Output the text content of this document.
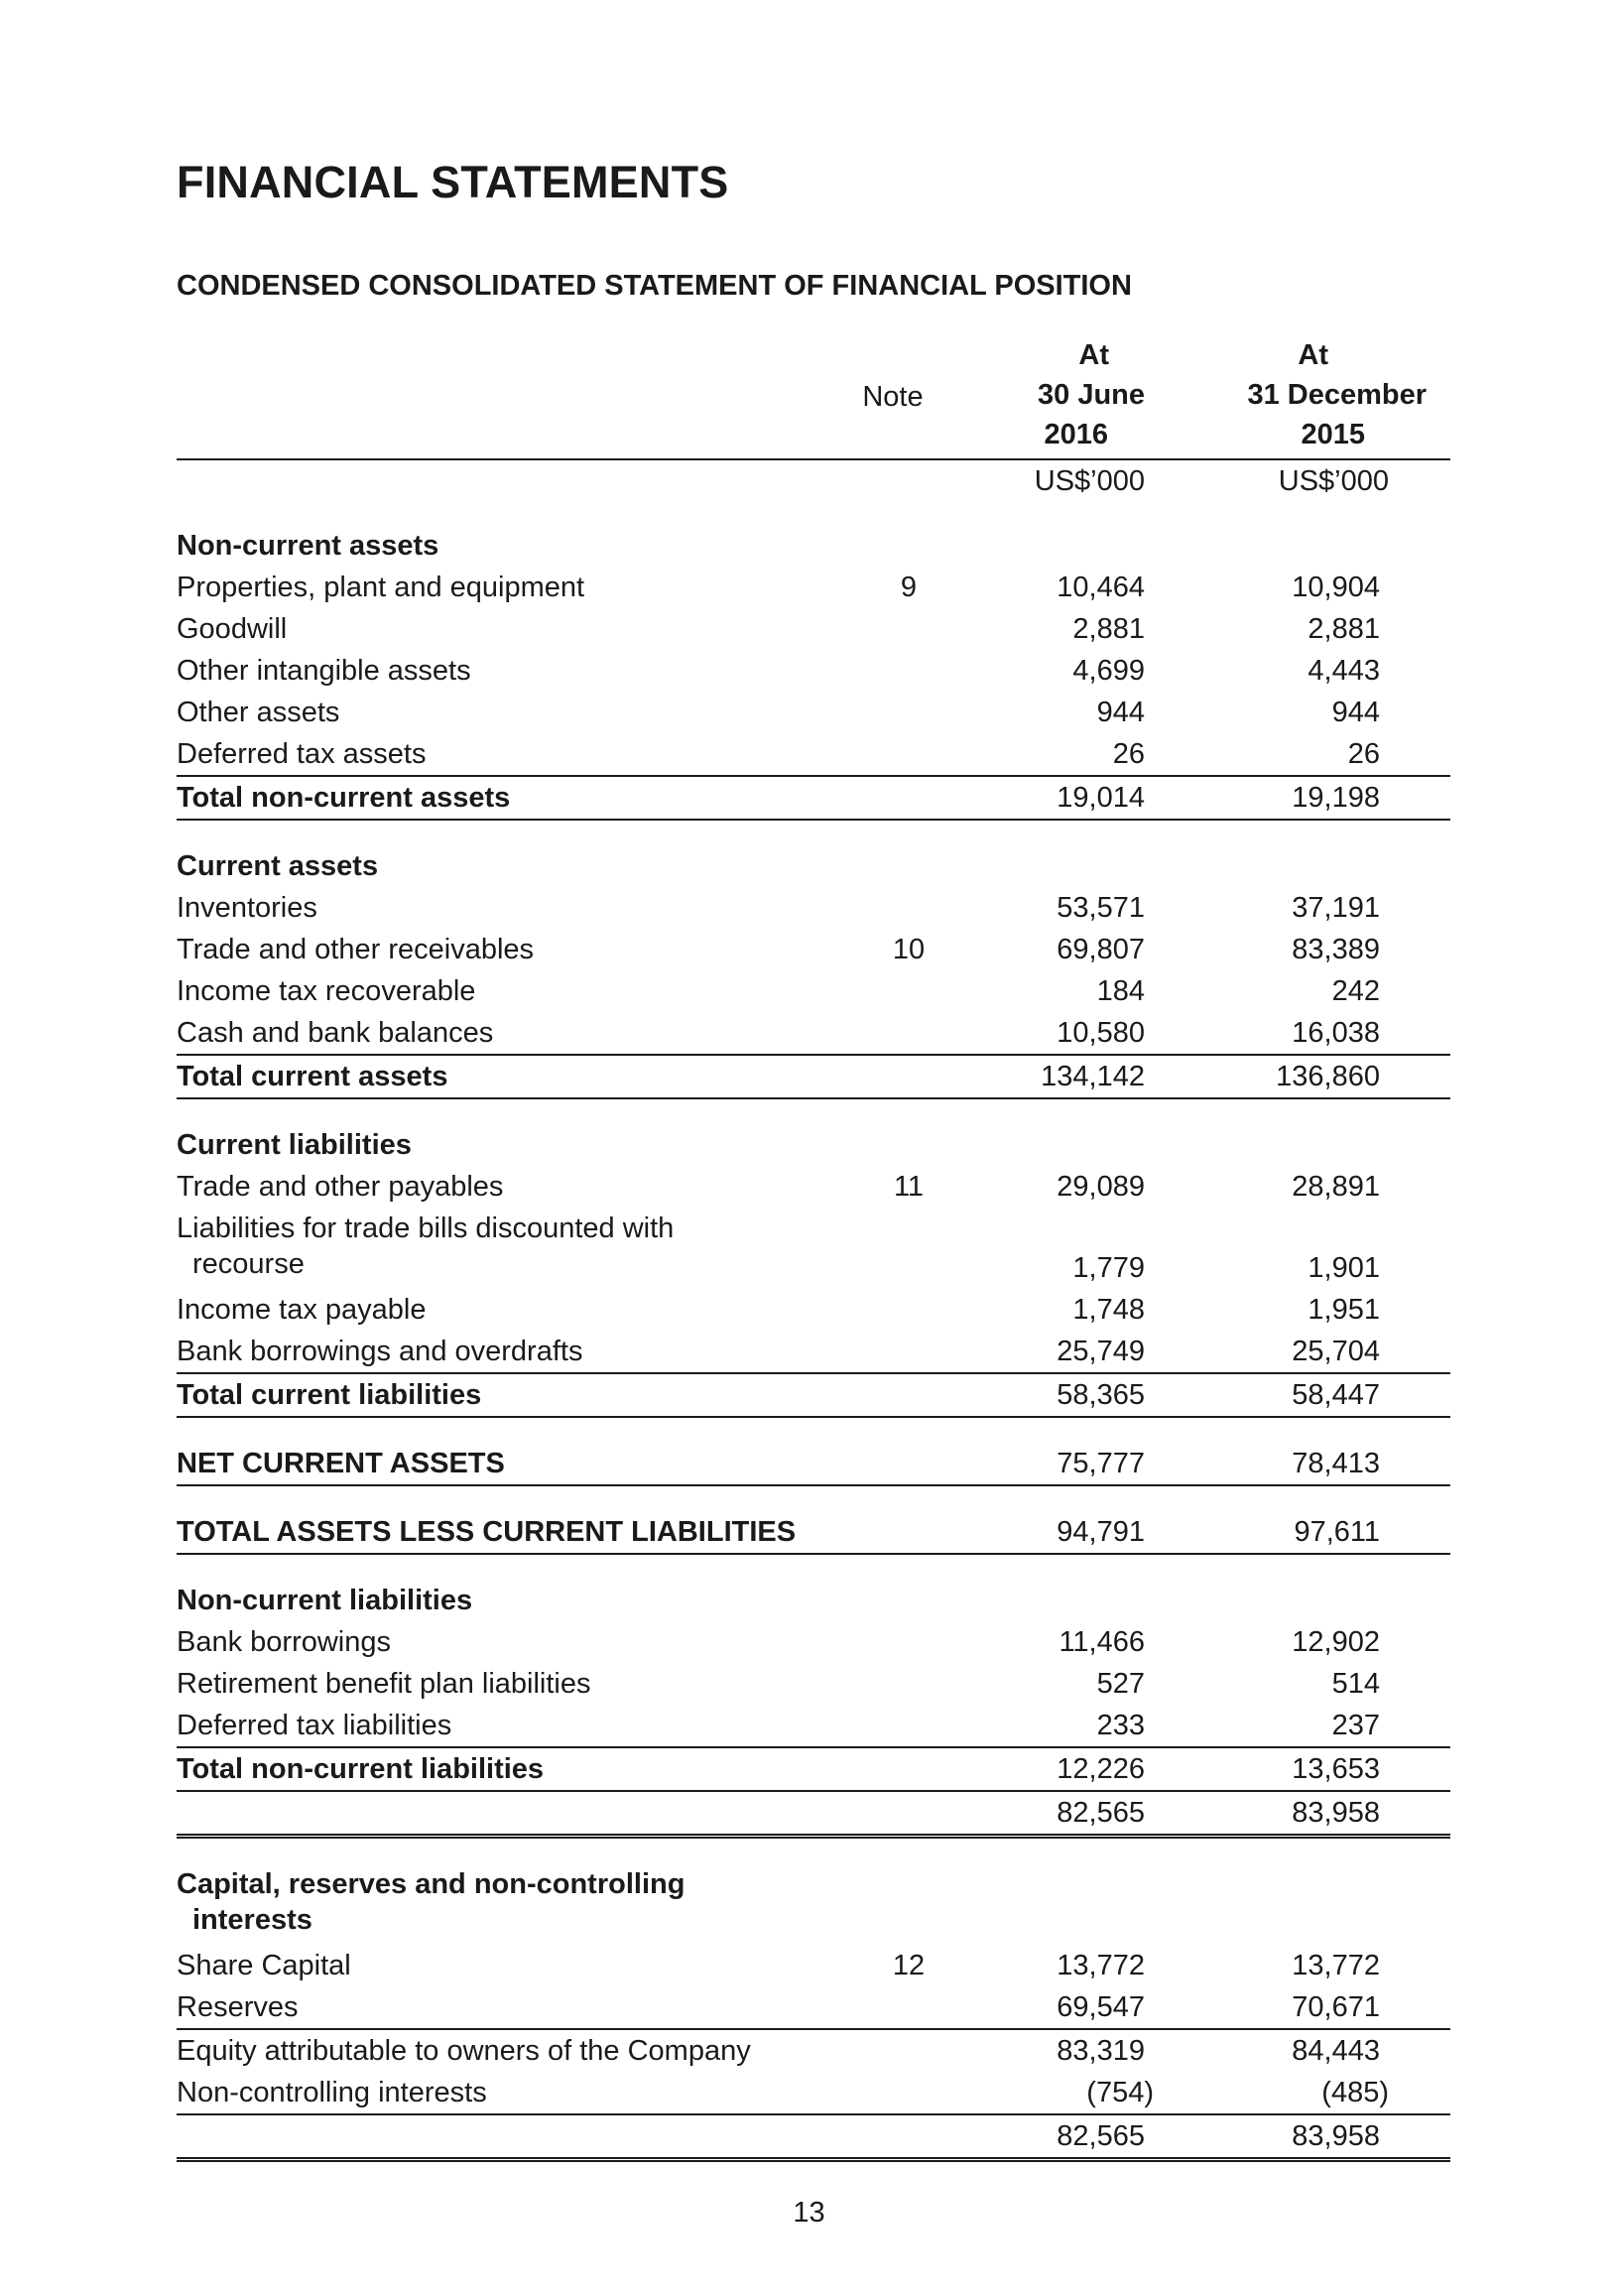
FINANCIAL STATEMENTS
CONDENSED CONSOLIDATED STATEMENT OF FINANCIAL POSITION
Note
At
30 June
2016
At
31 December
2015
US$’000	US$’000
Non-current assets
Properties, plant and equipment	9	10,464	10,904
Goodwill	2,881	2,881
Other intangible assets	4,699	4,443
Other assets	944	944
Deferred tax assets	26	26
Total non-current assets	19,014	19,198
Current assets
Inventories	53,571	37,191
Trade and other receivables	10	69,807	83,389
Income tax recoverable	184	242
Cash and bank balances	10,580	16,038
Total current assets	134,142	136,860
Current liabilities
Trade and other payables	11	29,089	28,891
Liabilities for trade bills discounted with
recourse	1,779	1,901
Income tax payable	1,748	1,951
Bank borrowings and overdrafts	25,749	25,704
Total current liabilities	58,365	58,447
NET CURRENT ASSETS	75,777	78,413
TOTAL ASSETS LESS CURRENT LIABILITIES	94,791	97,611
Non-current liabilities
Bank borrowings	11,466	12,902
Retirement benefit plan liabilities	527	514
Deferred tax liabilities	233	237
Total non-current liabilities	12,226	13,653
82,565	83,958
Capital, reserves and non-controlling
interests
Share Capital	12	13,772	13,772
Reserves	69,547	70,671
Equity attributable to owners of the Company	83,319	84,443
Non-controlling interests	(754)	(485)
82,565	83,958
13
